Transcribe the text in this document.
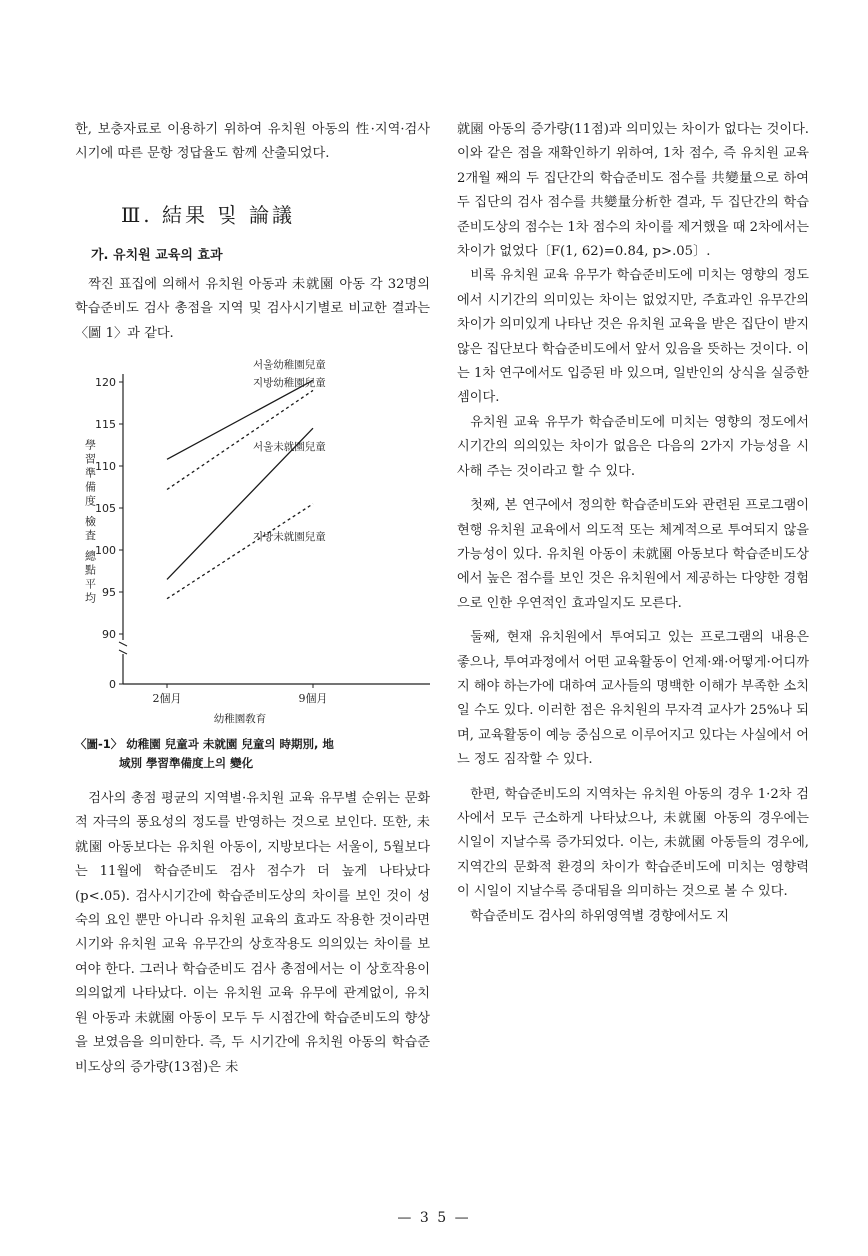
한, 보충자료로 이용하기 위하여 유치원 아동의 性·지역·검사시기에 따른 문항 정답율도 함께 산출되었다.

Ⅲ. 結果 및 論議
가. 유치원 교육의 효과

짝진 표집에 의해서 유치원 아동과 未就園 아동 각 32명의 학습준비도 검사 총점을 지역 및 검사시기별로 비교한 결과는 〈圖 1〉과 같다.

120
115
110
105
100
95
90
0
2個月	9個月
幼稚園敎育
學習準備度 檢査 總點平均
서울幼稚園兒童
지방幼稚園兒童
서울未就園兒童
지방未就園兒童
〈圖-1〉 幼稚園 兒童과 未就園 兒童의 時期別, 地
域別 學習準備度上의 變化

검사의 총점 평균의 지역별·유치원 교육 유무별 순위는 문화적 자극의 풍요성의 정도를 반영하는 것으로 보인다. 또한, 未就園 아동보다는 유치원 아동이, 지방보다는 서울이, 5월보다는 11월에 학습준비도 검사 점수가 더 높게 나타났다(p<.05). 검사시기간에 학습준비도상의 차이를 보인 것이 성숙의 요인 뿐만 아니라 유치원 교육의 효과도 작용한 것이라면 시기와 유치원 교육 유무간의 상호작용도 의의있는 차이를 보여야 한다. 그러나 학습준비도 검사 총점에서는 이 상호작용이 의의없게 나타났다. 이는 유치원 교육 유무에 관계없이, 유치원 아동과 未就園 아동이 모두 두 시점간에 학습준비도의 향상을 보였음을 의미한다. 즉, 두 시기간에 유치원 아동의 학습준비도상의 증가량(13점)은 未

就園 아동의 증가량(11점)과 의미있는 차이가 없다는 것이다. 이와 같은 점을 재확인하기 위하여, 1차 점수, 즉 유치원 교육 2개월 째의 두 집단간의 학습준비도 점수를 共變量으로 하여 두 집단의 검사 점수를 共變量分析한 결과, 두 집단간의 학습준비도상의 점수는 1차 점수의 차이를 제거했을 때 2차에서는 차이가 없었다〔F(1, 62)=0.84, p>.05〕.

비록 유치원 교육 유무가 학습준비도에 미치는 영향의 정도에서 시기간의 의미있는 차이는 없었지만, 주효과인 유무간의 차이가 의미있게 나타난 것은 유치원 교육을 받은 집단이 받지 않은 집단보다 학습준비도에서 앞서 있음을 뜻하는 것이다. 이는 1차 연구에서도 입증된 바 있으며, 일반인의 상식을 실증한 셈이다.

유치원 교육 유무가 학습준비도에 미치는 영향의 정도에서 시기간의 의의있는 차이가 없음은 다음의 2가지 가능성을 시사해 주는 것이라고 할 수 있다.

첫째, 본 연구에서 정의한 학습준비도와 관련된 프로그램이 현행 유치원 교육에서 의도적 또는 체계적으로 투여되지 않을 가능성이 있다. 유치원 아동이 未就園 아동보다 학습준비도상에서 높은 점수를 보인 것은 유치원에서 제공하는 다양한 경험으로 인한 우연적인 효과일지도 모른다.

둘째, 현재 유치원에서 투여되고 있는 프로그램의 내용은 좋으나, 투여과정에서 어떤 교육활동이 언제·왜·어떻게·어디까지 해야 하는가에 대하여 교사들의 명백한 이해가 부족한 소치일 수도 있다. 이러한 점은 유치원의 무자격 교사가 25%나 되며, 교육활동이 예능 중심으로 이루어지고 있다는 사실에서 어느 정도 짐작할 수 있다.

한편, 학습준비도의 지역차는 유치원 아동의 경우 1·2차 검사에서 모두 근소하게 나타났으나, 未就園 아동의 경우에는 시일이 지날수록 증가되었다. 이는, 未就園 아동들의 경우에, 지역간의 문화적 환경의 차이가 학습준비도에 미치는 영향력이 시일이 지날수록 증대됨을 의미하는 것으로 볼 수 있다.

학습준비도 검사의 하위영역별 경향에서도 지

— 3 5 —
